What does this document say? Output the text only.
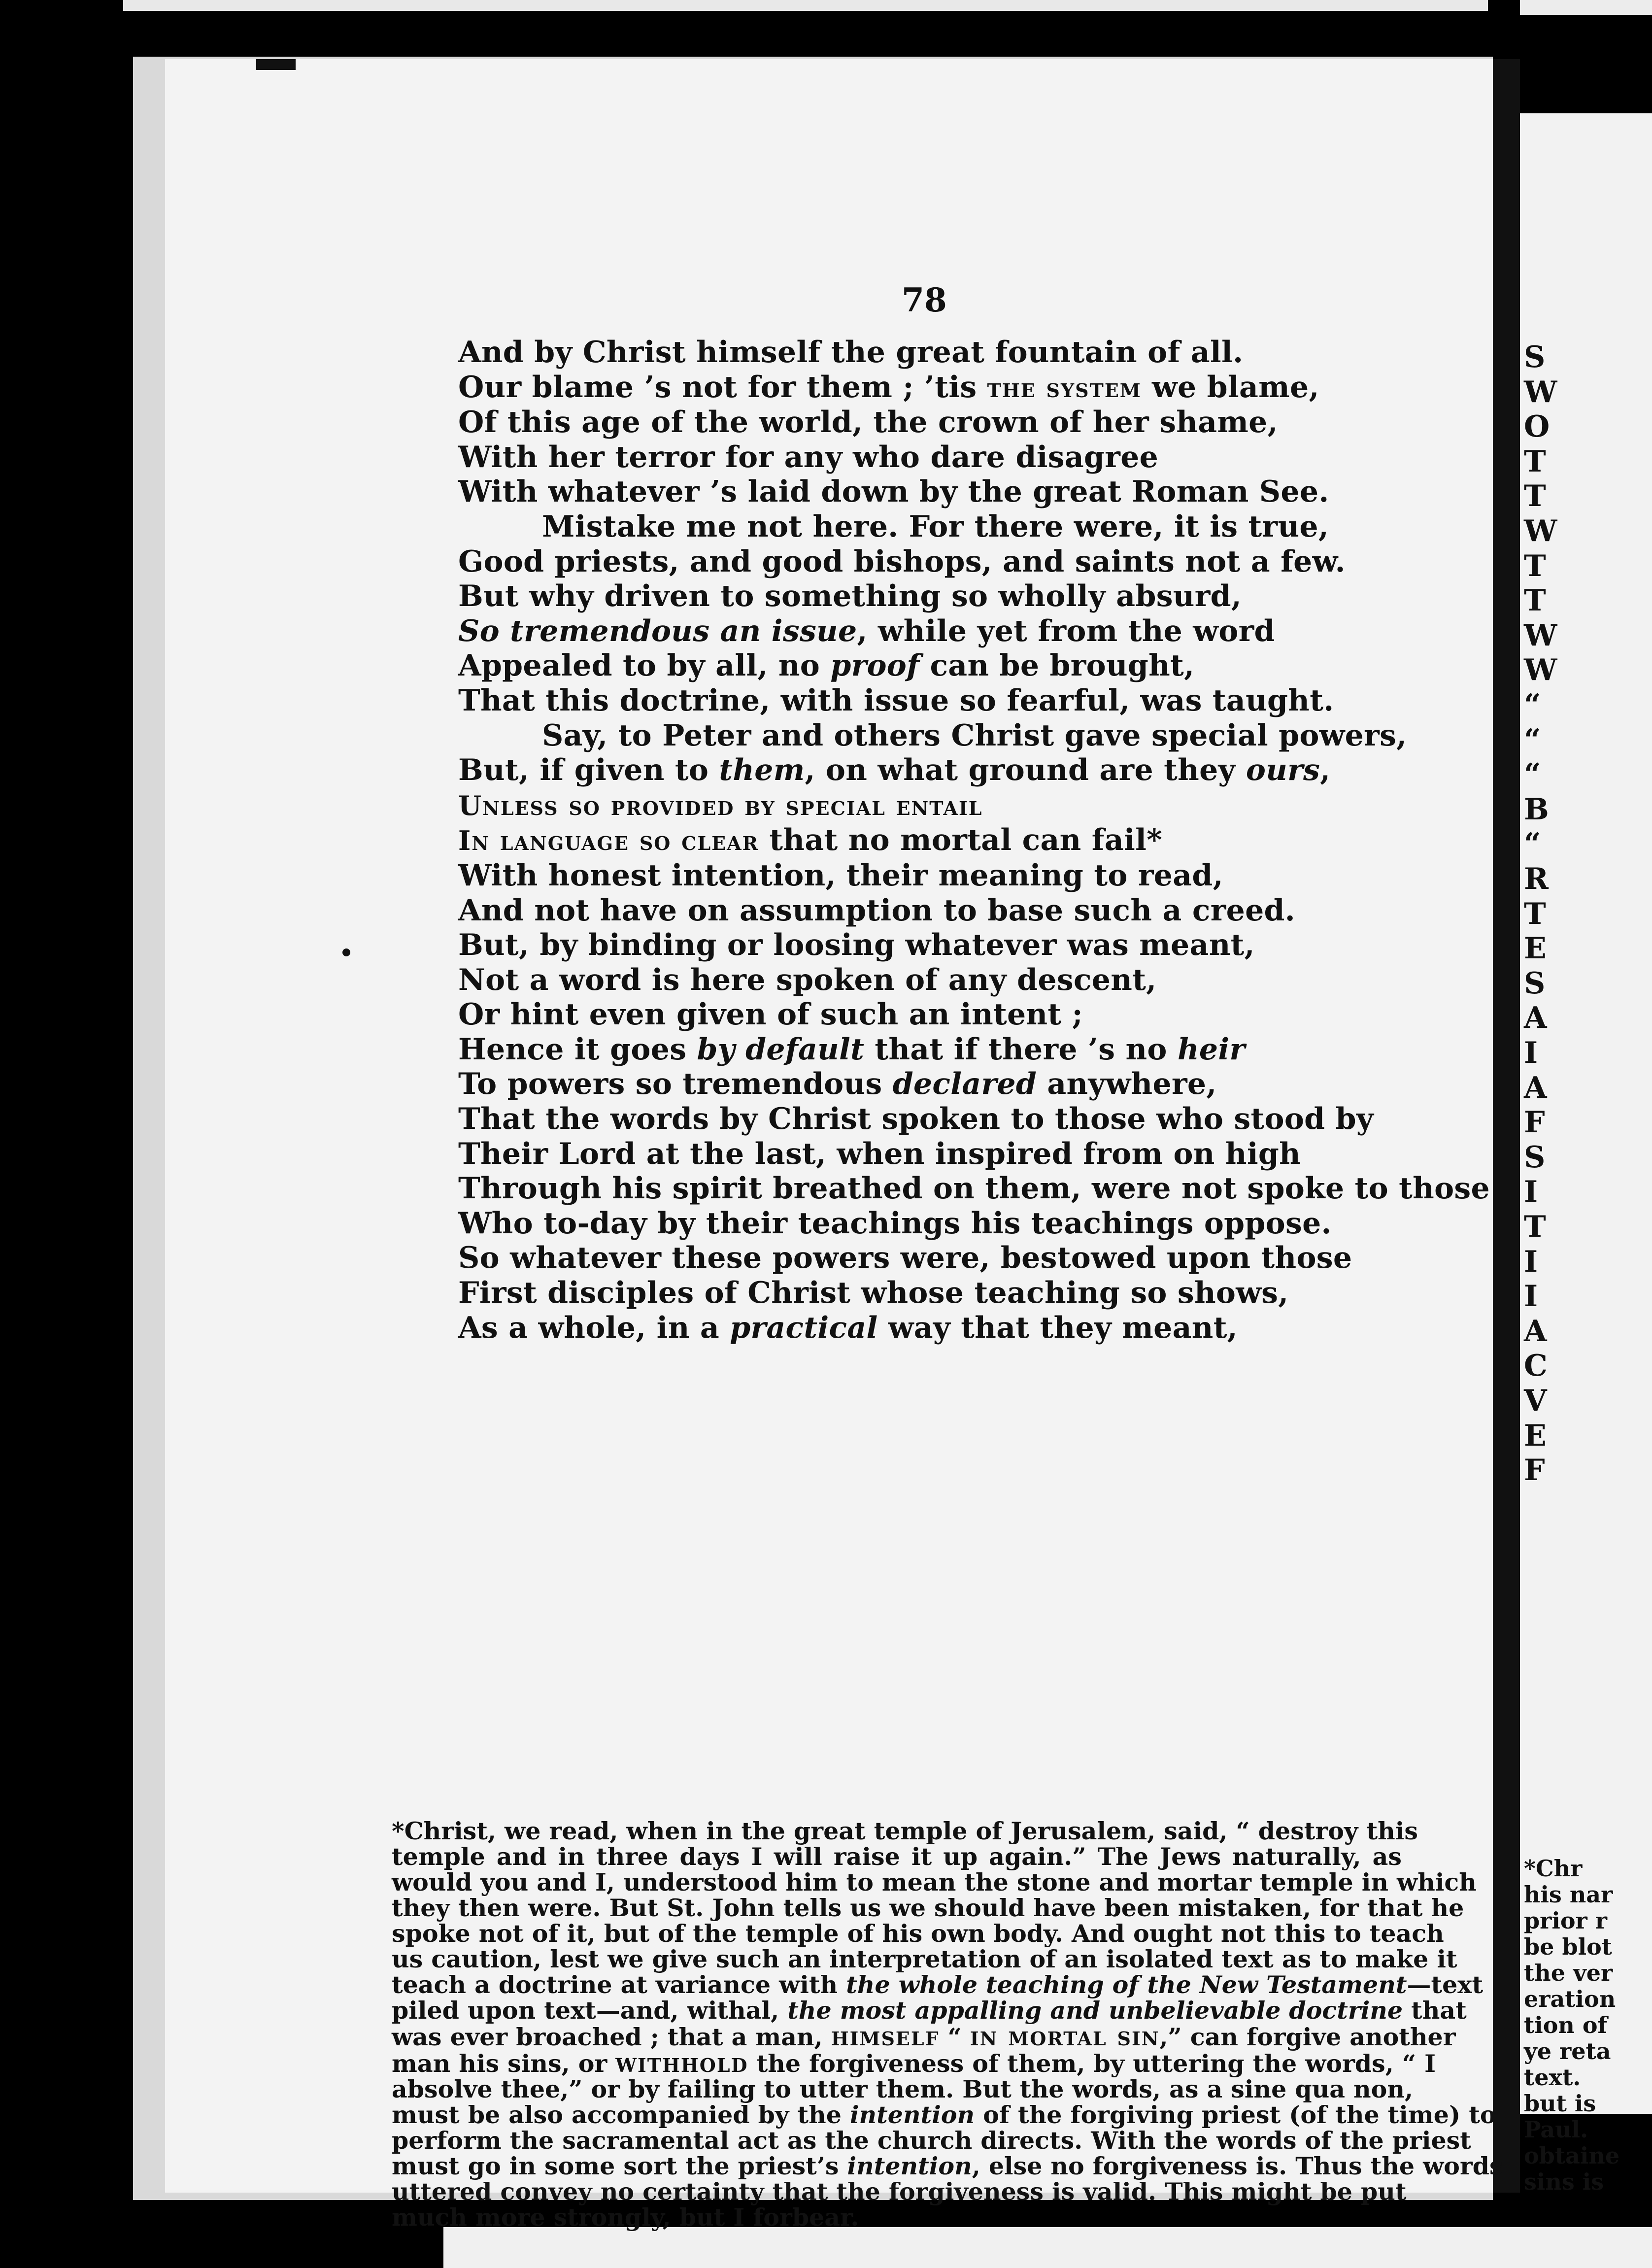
S
W
O
T
T
W
T
T
W
W
“
“
“
B
“
R
T
E
S
A
I
A
F
S
I
T
I
I
A
C
V
E
F
*Chr
his nar
prior r
be blot
the ver
eration
tion of
ye reta
text.
but is
Paul.
obtaine
sins is
78
And by Christ himself the great fountain of all.
Our blame ’s not for them ; ’tis the system we blame,
Of this age of the world, the crown of her shame,
With her terror for any who dare disagree
With whatever ’s laid down by the great Roman See.
Mistake me not here. For there were, it is true,
Good priests, and good bishops, and saints not a few.
But why driven to something so wholly absurd,
So tremendous an issue, while yet from the word
Appealed to by all, no proof can be brought,
That this doctrine, with issue so fearful, was taught.
Say, to Peter and others Christ gave special powers,
But, if given to them, on what ground are they ours,
Unless so provided by special entail
In language so clear that no mortal can fail*
With honest intention, their meaning to read,
And not have on assumption to base such a creed.
But, by binding or loosing whatever was meant,
Not a word is here spoken of any descent,
Or hint even given of such an intent ;
Hence it goes by default that if there ’s no heir
To powers so tremendous declared anywhere,
That the words by Christ spoken to those who stood by
Their Lord at the last, when inspired from on high
Through his spirit breathed on them, were not spoke to those
Who to-day by their teachings his teachings oppose.
So whatever these powers were, bestowed upon those
First disciples of Christ whose teaching so shows,
As a whole, in a practical way that they meant,
*Christ, we read, when in the great temple of Jerusalem, said, “ destroy this
temple and in three days I will raise it up again.” The Jews naturally, as
would you and I, understood him to mean the stone and mortar temple in which
they then were. But St. John tells us we should have been mistaken, for that he
spoke not of it, but of the temple of his own body. And ought not this to teach
us caution, lest we give such an interpretation of an isolated text as to make it
teach a doctrine at variance with the whole teaching of the New Testament—text
piled upon text—and, withal, the most appalling and unbelievable doctrine that
was ever broached ; that a man, himself “ in mortal sin,” can forgive another
man his sins, or withhold the forgiveness of them, by uttering the words, “ I
absolve thee,” or by failing to utter them. But the words, as a sine qua non,
must be also accompanied by the intention of the forgiving priest (of the time) to
perform the sacramental act as the church directs. With the words of the priest
must go in some sort the priest’s intention, else no forgiveness is. Thus the words
uttered convey no certainty that the forgiveness is valid. This might be put
much more strongly, but I forbear.
